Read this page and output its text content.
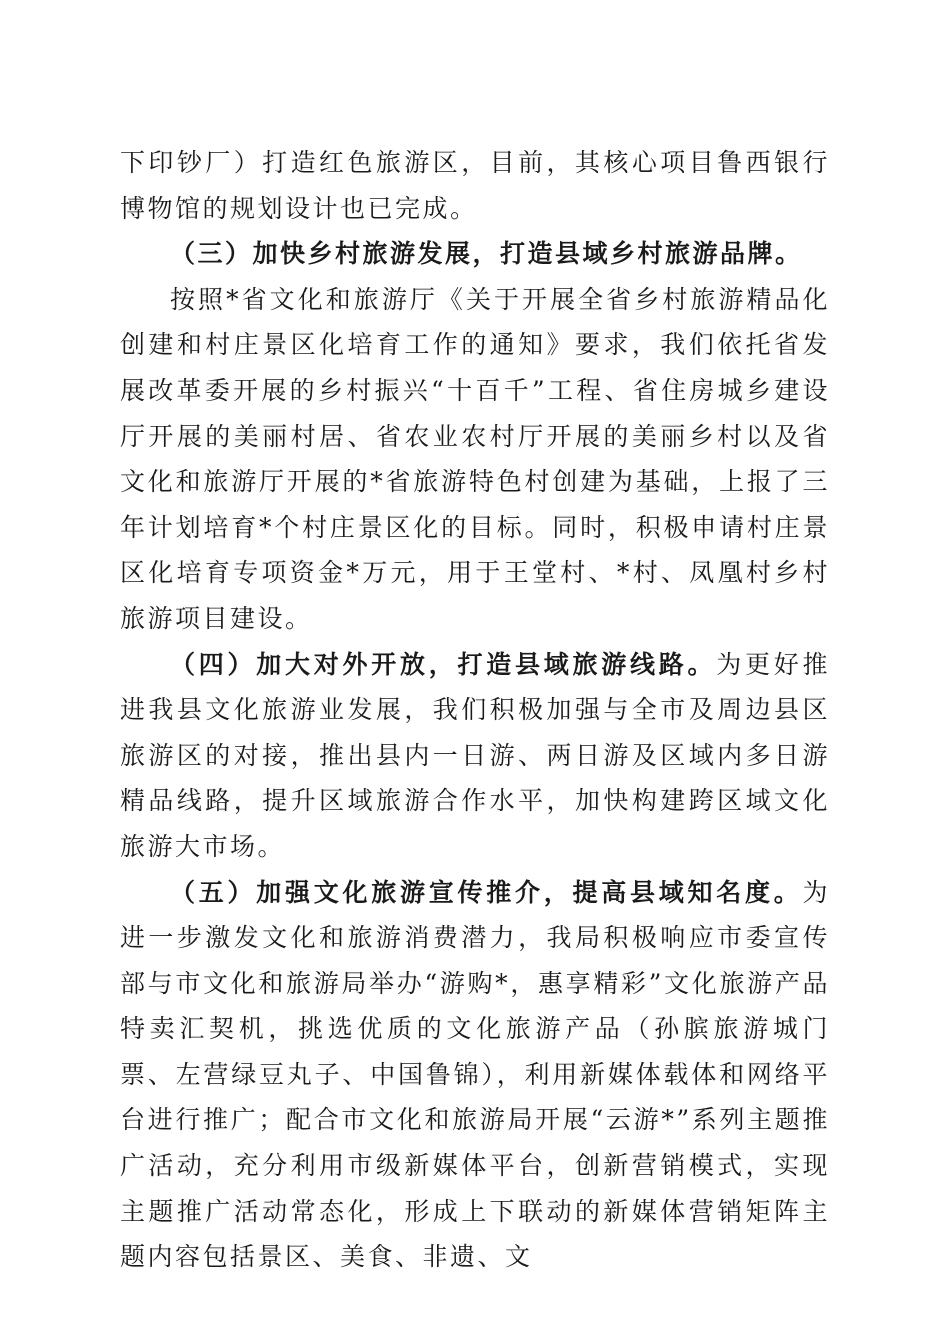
下印钞厂）打造红色旅游区，目前，其核心项目鲁西银行博物馆的规划设计也已完成。

（三）加快乡村旅游发展，打造县域乡村旅游品牌。

按照*省文化和旅游厅《关于开展全省乡村旅游精品化创建和村庄景区化培育工作的通知》要求，我们依托省发展改革委开展的乡村振兴“十百千”工程、省住房城乡建设厅开展的美丽村居、省农业农村厅开展的美丽乡村以及省文化和旅游厅开展的*省旅游特色村创建为基础，上报了三年计划培育*个村庄景区化的目标。同时，积极申请村庄景区化培育专项资金*万元，用于王堂村、*村、凤凰村乡村旅游项目建设。

（四）加大对外开放，打造县域旅游线路。为更好推进我县文化旅游业发展，我们积极加强与全市及周边县区旅游区的对接，推出县内一日游、两日游及区域内多日游精品线路，提升区域旅游合作水平，加快构建跨区域文化旅游大市场。

（五）加强文化旅游宣传推介，提高县域知名度。为进一步激发文化和旅游消费潜力，我局积极响应市委宣传部与市文化和旅游局举办“游购*，惠享精彩”文化旅游产品特卖汇契机，挑选优质的文化旅游产品（孙膑旅游城门票、左营绿豆丸子、中国鲁锦），利用新媒体载体和网络平台进行推广；配合市文化和旅游局开展“云游*”系列主题推广活动，充分利用市级新媒体平台，创新营销模式，实现主题推广活动常态化，形成上下联动的新媒体营销矩阵主题内容包括景区、美食、非遗、文
